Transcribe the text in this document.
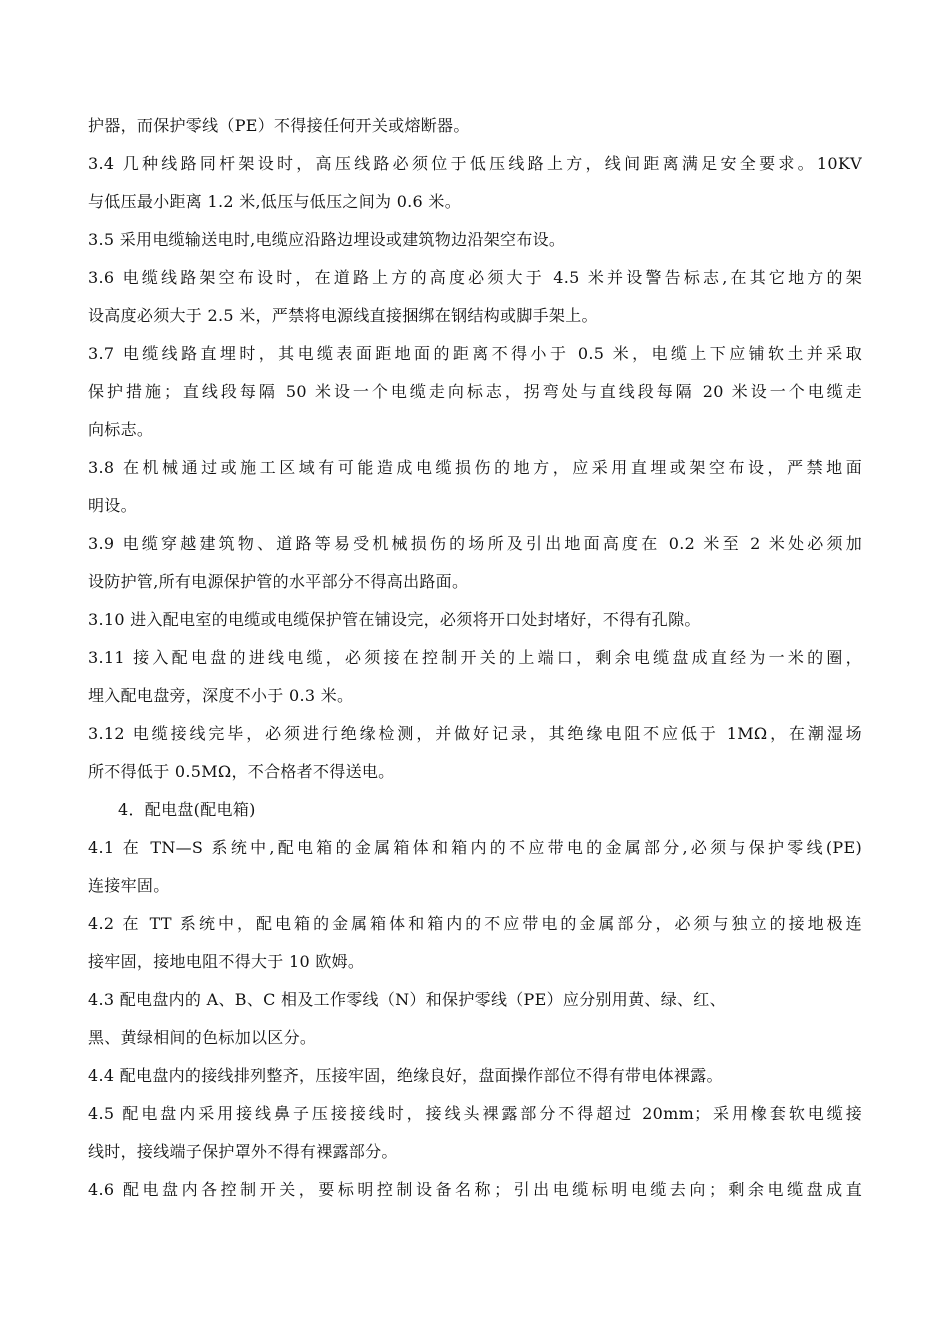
护器，而保护零线（PE）不得接任何开关或熔断器。
3.4 几种线路同杆架设时，高压线路必须位于低压线路上方，线间距离满足安全要求。10KV
与低压最小距离 1.2 米,低压与低压之间为 0.6 米。
3.5 采用电缆输送电时,电缆应沿路边埋设或建筑物边沿架空布设。
3.6 电缆线路架空布设时，在道路上方的高度必须大于 4.5 米并设警告标志,在其它地方的架
设高度必须大于 2.5 米，严禁将电源线直接捆绑在钢结构或脚手架上。
3.7 电缆线路直埋时，其电缆表面距地面的距离不得小于 0.5 米，电缆上下应铺软土并采取
保护措施；直线段每隔 50 米设一个电缆走向标志，拐弯处与直线段每隔 20 米设一个电缆走
向标志。
3.8 在机械通过或施工区域有可能造成电缆损伤的地方，应采用直埋或架空布设，严禁地面
明设。
3.9 电缆穿越建筑物、道路等易受机械损伤的场所及引出地面高度在 0.2 米至 2 米处必须加
设防护管,所有电源保护管的水平部分不得高出路面。
3.10 进入配电室的电缆或电缆保护管在铺设完，必须将开口处封堵好，不得有孔隙。
3.11 接入配电盘的进线电缆，必须接在控制开关的上端口，剩余电缆盘成直经为一米的圈，
埋入配电盘旁，深度不小于 0.3 米。
3.12 电缆接线完毕，必须进行绝缘检测，并做好记录，其绝缘电阻不应低于 1MΩ，在潮湿场
所不得低于 0.5MΩ，不合格者不得送电。
4．配电盘(配电箱)
4.1 在 TN—S 系统中,配电箱的金属箱体和箱内的不应带电的金属部分,必须与保护零线(PE)
连接牢固。
4.2 在 TT 系统中，配电箱的金属箱体和箱内的不应带电的金属部分，必须与独立的接地极连
接牢固，接地电阻不得大于 10 欧姆。
4.3 配电盘内的 A、B、C 相及工作零线（N）和保护零线（PE）应分别用黄、绿、红、
黑、黄绿相间的色标加以区分。
4.4 配电盘内的接线排列整齐，压接牢固，绝缘良好，盘面操作部位不得有带电体裸露。
4.5 配电盘内采用接线鼻子压接接线时，接线头裸露部分不得超过 20mm；采用橡套软电缆接
线时，接线端子保护罩外不得有裸露部分。
4.6 配电盘内各控制开关，要标明控制设备名称；引出电缆标明电缆去向；剩余电缆盘成直
